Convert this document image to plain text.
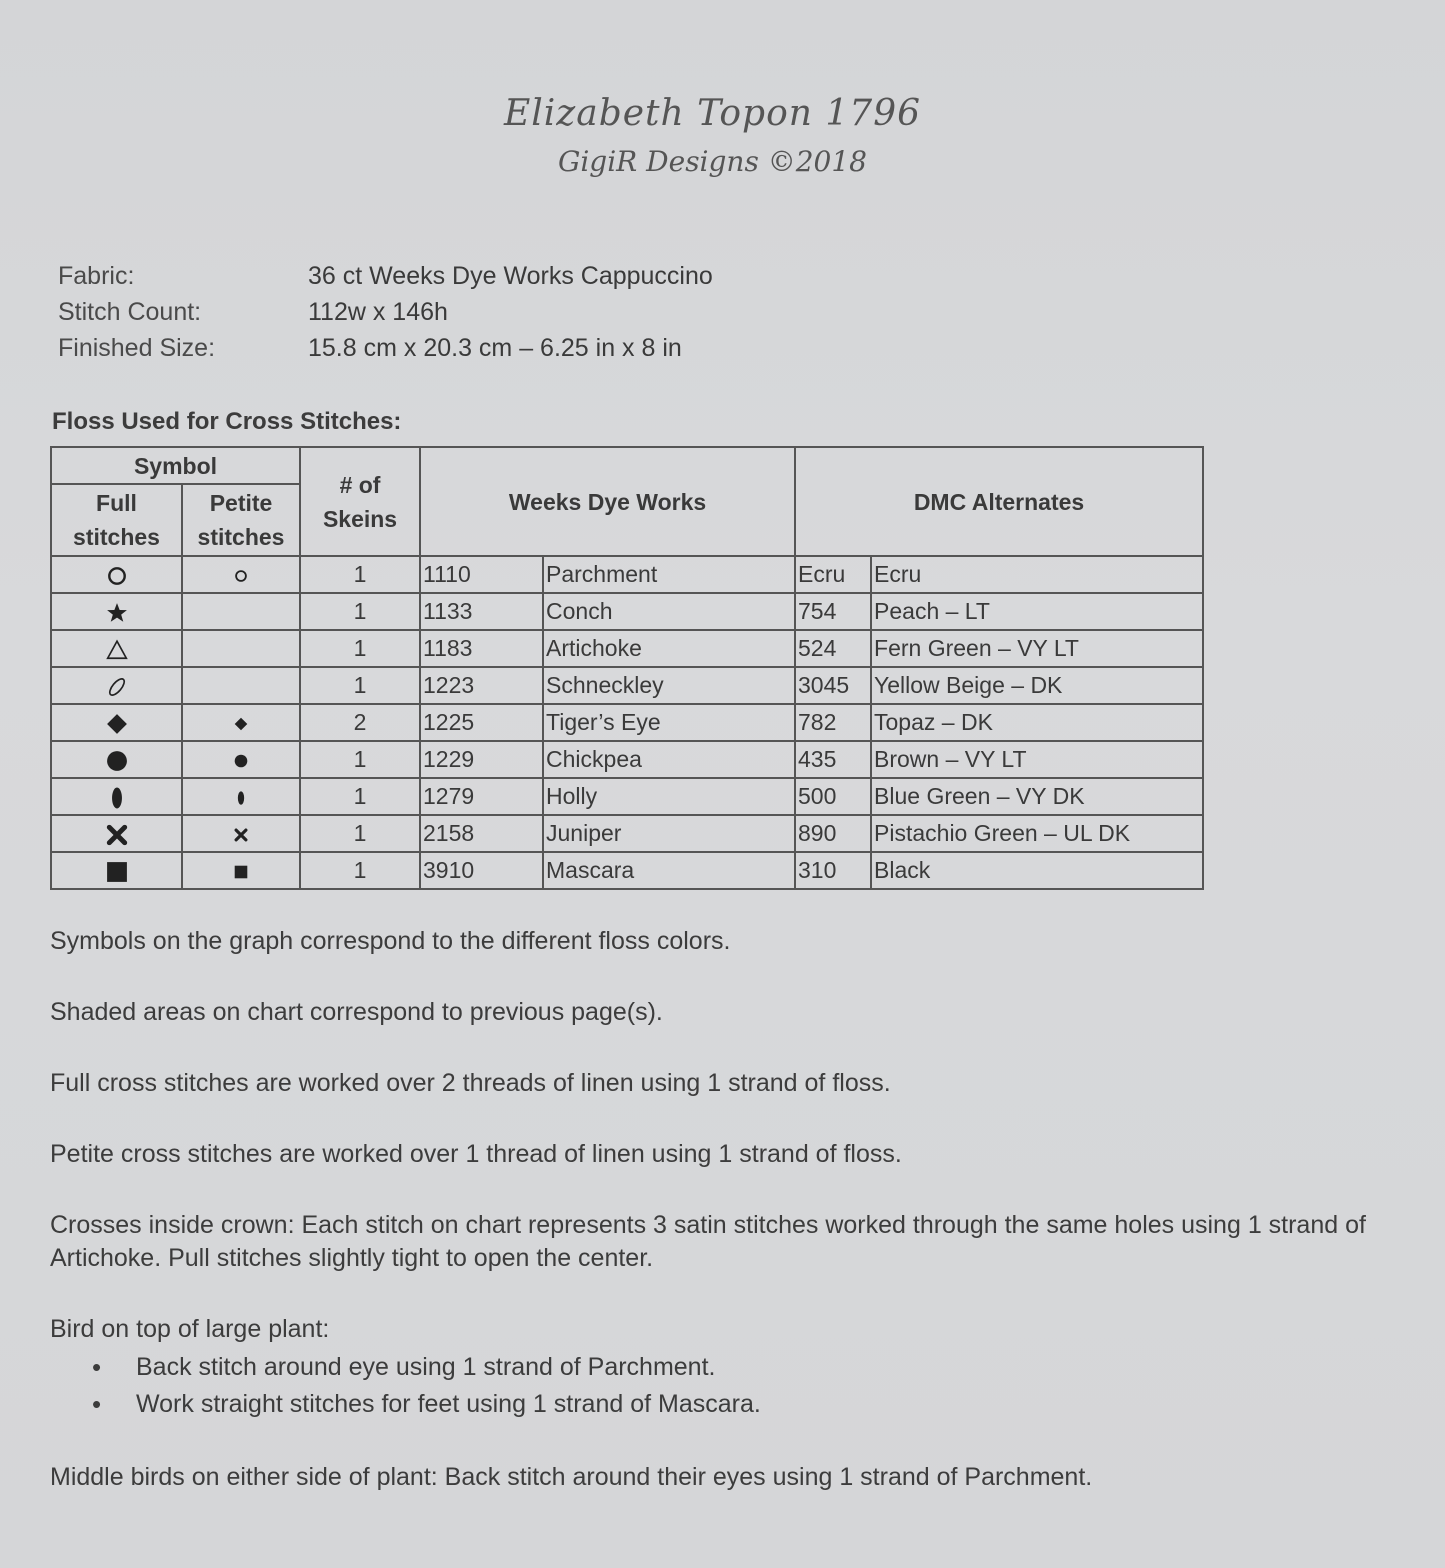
Elizabeth Topon 1796
GigiR Designs ©2018
Fabric:	36 ct Weeks Dye Works Cappuccino
Stitch Count:	112w x 146h
Finished Size:	15.8 cm x 20.3 cm – 6.25 in x 8 in
Floss Used for Cross Stitches:
Symbol		# of Skeins	Weeks Dye Works		DMC Alternates	
Full stitches	Petite stitches					
		1	1110	Parchment	Ecru	Ecru
		1	1133	Conch	754	Peach – LT
		1	1183	Artichoke	524	Fern Green – VY LT
		1	1223	Schneckley	3045	Yellow Beige – DK
		2	1225	Tiger’s Eye	782	Topaz – DK
		1	1229	Chickpea	435	Brown – VY LT
		1	1279	Holly	500	Blue Green – VY DK
		1	2158	Juniper	890	Pistachio Green – UL DK
		1	3910	Mascara	310	Black

Symbols on the graph correspond to the different floss colors.

Shaded areas on chart correspond to previous page(s).

Full cross stitches are worked over 2 threads of linen using 1 strand of floss.

Petite cross stitches are worked over 1 thread of linen using 1 strand of floss.

Crosses inside crown: Each stitch on chart represents 3 satin stitches worked through the same holes using 1 strand of Artichoke. Pull stitches slightly tight to open the center.

Bird on top of large plant:

• Back stitch around eye using 1 strand of Parchment.
• Work straight stitches for feet using 1 strand of Mascara.

Middle birds on either side of plant: Back stitch around their eyes using 1 strand of Parchment.
